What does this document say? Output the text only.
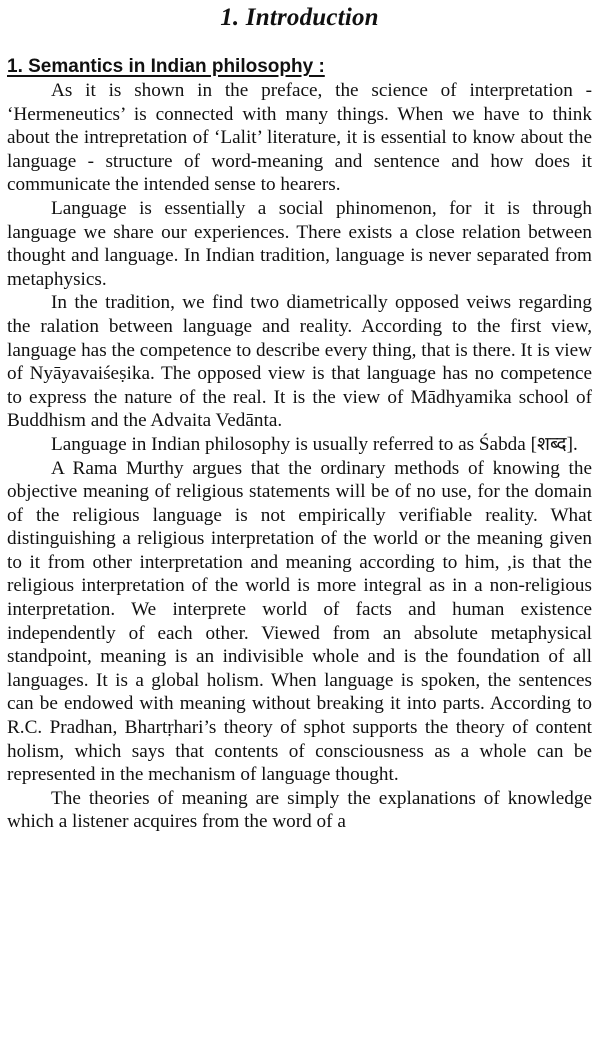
1. Introduction
1. Semantics in Indian philosophy :

As it is shown in the preface, the science of interpretation - ‘Hermeneutics’ is connected with many things. When we have to think about the intrepretation of ‘Lalit’ literature, it is essential to know about the language - structure of word-meaning and sentence and how does it communicate the intended sense to hearers.

Language is essentially a social phinomenon, for it is through language we share our experiences. There exists a close relation between thought and language. In Indian tradition, language is never separated from metaphysics.

In the tradition, we find two diametrically opposed veiws regarding the ralation between language and reality. According to the first view, language has the competence to describe every thing, that is there. It is view of Nyāyavaiśeṣika. The opposed view is that language has no competence to express the nature of the real. It is the view of Mādhyamika school of Buddhism and the Advaita Vedānta.

Language in Indian philosophy is usually referred to as Śabda [शब्द].

A Rama Murthy argues that the ordinary methods of knowing the objective meaning of religious statements will be of no use, for the domain of the religious language is not empirically verifiable reality. What distinguishing a religious interpretation of the world or the meaning given to it from other interpretation and meaning according to him, ,is that the religious interpretation of the world is more integral as in a non-religious interpretation. We interprete world of facts and human existence independently of each other. Viewed from an absolute metaphysical standpoint, meaning is an indivisible whole and is the foundation of all languages. It is a global holism. When language is spoken, the sentences can be endowed with meaning without breaking it into parts. According to R.C. Pradhan, Bhartṛhari’s theory of sphot supports the theory of content holism, which says that contents of consciousness as a whole can be represented in the mechanism of language thought.

The theories of meaning are simply the explanations of knowledge which a listener acquires from the word of a
